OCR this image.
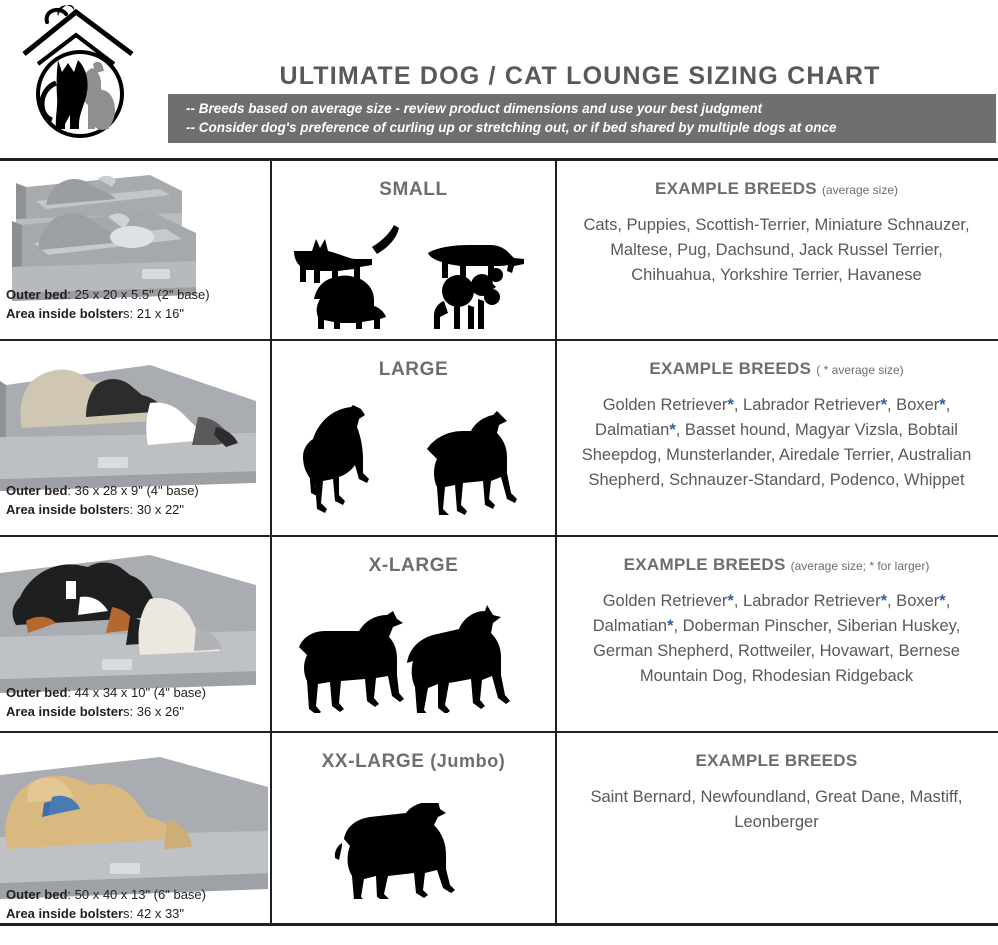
ULTIMATE DOG / CAT LOUNGE SIZING CHART
-- Breeds based on average size - review product dimensions and use your best judgment
-- Consider dog's preference of curling up or stretching out, or if bed shared by multiple dogs at once
Outer bed: 25 x 20 x 5.5" (2" base)
Area inside bolsters: 21 x 16"
SMALL	EXAMPLE BREEDS (average size)
Cats, Puppies, Scottish-Terrier, Miniature Schnauzer, Maltese, Pug, Dachsund, Jack Russel Terrier, Chihuahua, Yorkshire Terrier, Havanese
Outer bed: 36 x 28 x 9" (4" base)
Area inside bolsters: 30 x 22"
LARGE	EXAMPLE BREEDS ( * average size)
Golden Retriever*, Labrador Retriever*, Boxer*, Dalmatian*, Basset hound, Magyar Vizsla, Bobtail Sheepdog, Munsterlander, Airedale Terrier, Australian Shepherd, Schnauzer-Standard, Podenco, Whippet
Outer bed: 44 x 34 x 10" (4" base)
Area inside bolsters: 36 x 26"
X-LARGE	EXAMPLE BREEDS (average size; * for larger)
Golden Retriever*, Labrador Retriever*, Boxer*, Dalmatian*, Doberman Pinscher, Siberian Huskey, German Shepherd, Rottweiler, Hovawart, Bernese Mountain Dog, Rhodesian Ridgeback
Outer bed: 50 x 40 x 13" (6" base)
Area inside bolsters: 42 x 33"
XX-LARGE (Jumbo)	EXAMPLE BREEDS
Saint Bernard, Newfoundland, Great Dane, Mastiff, Leonberger
